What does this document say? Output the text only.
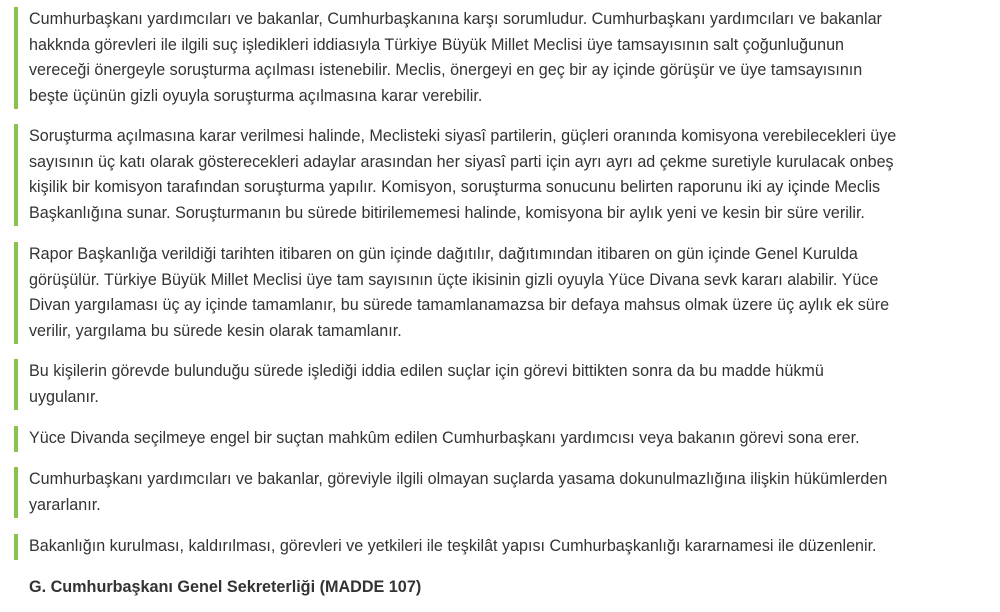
Cumhurbaşkanı yardımcıları ve bakanlar, Cumhurbaşkanına karşı sorumludur. Cumhurbaşkanı yardımcıları ve bakanlar
hakknda görevleri ile ilgili suç işledikleri iddiasıyla Türkiye Büyük Millet Meclisi üye tamsayısının salt çoğunluğunun
vereceği önergeyle soruşturma açılması istenebilir. Meclis, önergeyi en geç bir ay içinde görüşür ve üye tamsayısının
beşte üçünün gizli oyuyla soruşturma açılmasına karar verebilir.
Soruşturma açılmasına karar verilmesi halinde, Meclisteki siyasî partilerin, güçleri oranında komisyona verebilecekleri üye
sayısının üç katı olarak gösterecekleri adaylar arasından her siyasî parti için ayrı ayrı ad çekme suretiyle kurulacak onbeş
kişilik bir komisyon tarafından soruşturma yapılır. Komisyon, soruşturma sonucunu belirten raporunu iki ay içinde Meclis
Başkanlığına sunar. Soruşturmanın bu sürede bitirilememesi halinde, komisyona bir aylık yeni ve kesin bir süre verilir.
Rapor Başkanlığa verildiği tarihten itibaren on gün içinde dağıtılır, dağıtımından itibaren on gün içinde Genel Kurulda
görüşülür. Türkiye Büyük Millet Meclisi üye tam sayısının üçte ikisinin gizli oyuyla Yüce Divana sevk kararı alabilir. Yüce
Divan yargılaması üç ay içinde tamamlanır, bu sürede tamamlanamazsa bir defaya mahsus olmak üzere üç aylık ek süre
verilir, yargılama bu sürede kesin olarak tamamlanır.
Bu kişilerin görevde bulunduğu sürede işlediği iddia edilen suçlar için görevi bittikten sonra da bu madde hükmü
uygulanır.
Yüce Divanda seçilmeye engel bir suçtan mahkûm edilen Cumhurbaşkanı yardımcısı veya bakanın görevi sona erer.
Cumhurbaşkanı yardımcıları ve bakanlar, göreviyle ilgili olmayan suçlarda yasama dokunulmazlığına ilişkin hükümlerden
yararlanır.
Bakanlığın kurulması, kaldırılması, görevleri ve yetkileri ile teşkilât yapısı Cumhurbaşkanlığı kararnamesi ile düzenlenir.
G. Cumhurbaşkanı Genel Sekreterliği (MADDE 107)
